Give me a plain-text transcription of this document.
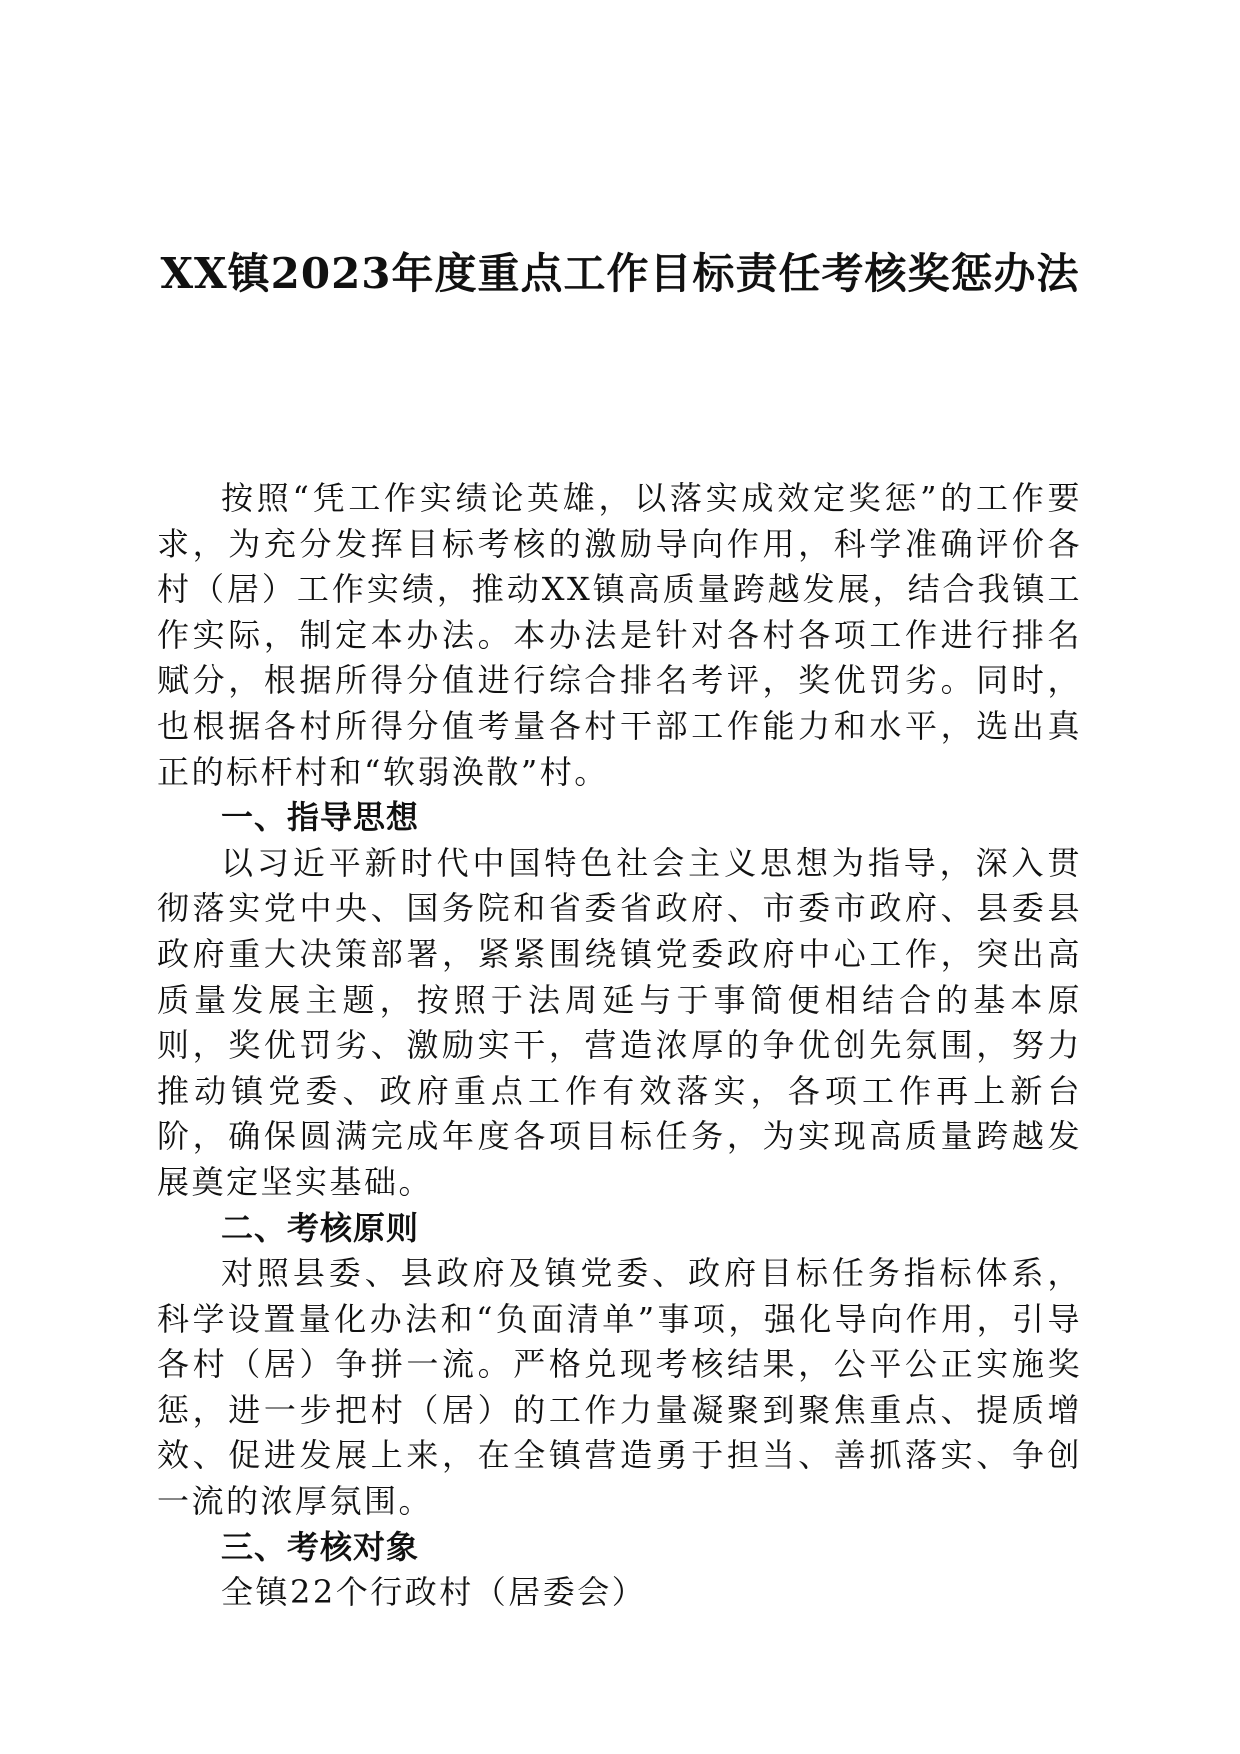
XX镇2023年度重点工作目标责任考核奖惩办法

按照“凭工作实绩论英雄，以落实成效定奖惩”的工作要求，为充分发挥目标考核的激励导向作用，科学准确评价各村（居）工作实绩，推动XX镇高质量跨越发展，结合我镇工作实际，制定本办法。本办法是针对各村各项工作进行排名赋分，根据所得分值进行综合排名考评，奖优罚劣。同时，也根据各村所得分值考量各村干部工作能力和水平，选出真正的标杆村和“软弱涣散”村。

一、指导思想

以习近平新时代中国特色社会主义思想为指导，深入贯彻落实党中央、国务院和省委省政府、市委市政府、县委县政府重大决策部署，紧紧围绕镇党委政府中心工作，突出高质量发展主题，按照于法周延与于事简便相结合的基本原则，奖优罚劣、激励实干，营造浓厚的争优创先氛围，努力推动镇党委、政府重点工作有效落实，各项工作再上新台阶，确保圆满完成年度各项目标任务，为实现高质量跨越发展奠定坚实基础。

二、考核原则

对照县委、县政府及镇党委、政府目标任务指标体系，科学设置量化办法和“负面清单”事项，强化导向作用，引导各村（居）争拼一流。严格兑现考核结果，公平公正实施奖惩，进一步把村（居）的工作力量凝聚到聚焦重点、提质增效、促进发展上来，在全镇营造勇于担当、善抓落实、争创一流的浓厚氛围。

三、考核对象

全镇22个行政村（居委会）
